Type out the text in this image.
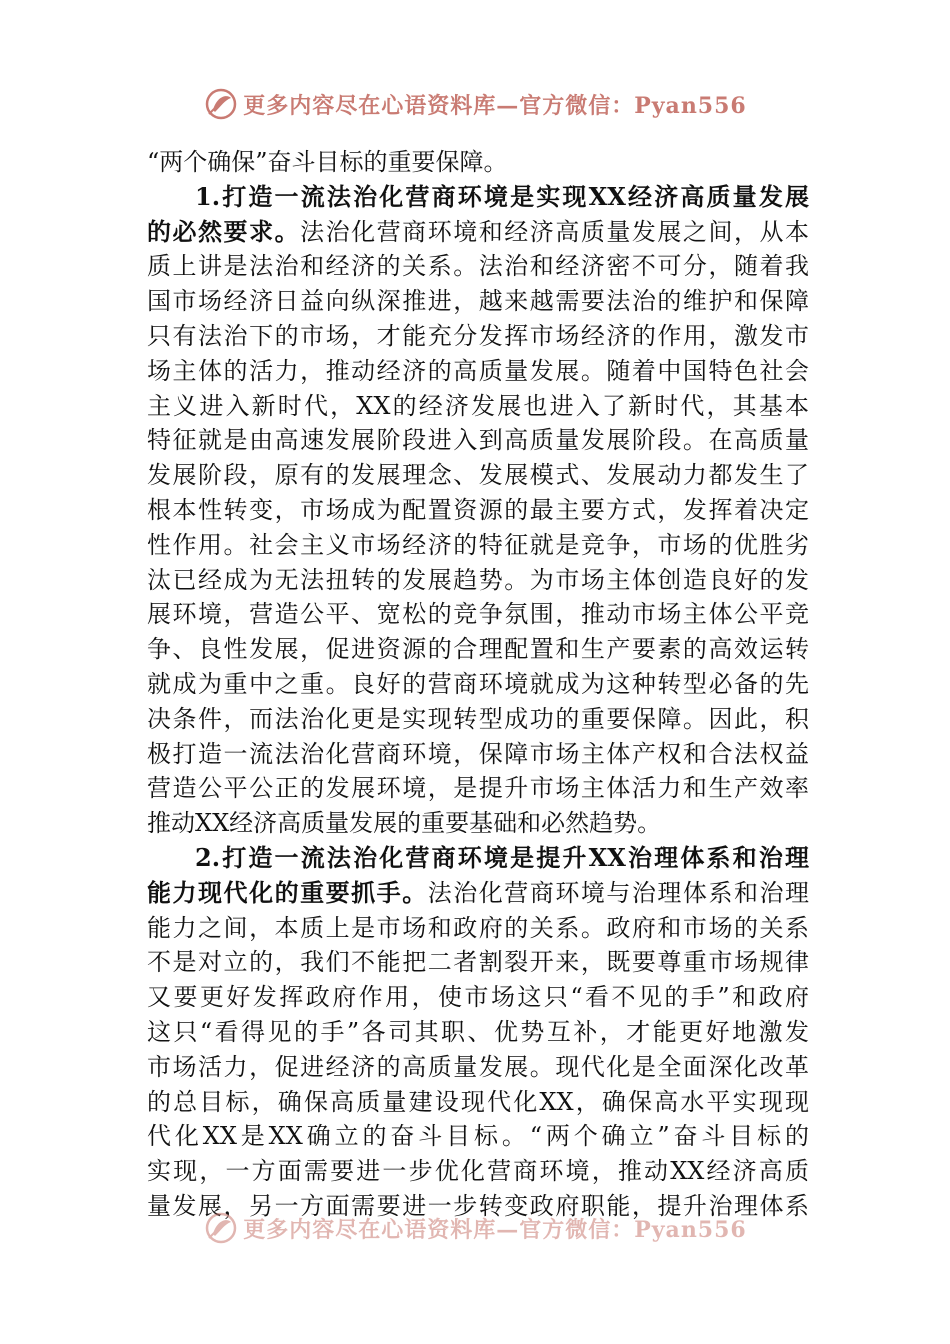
更多内容尽在心语资料库—官方微信：Pyan556
“两个确保”奋斗目标的重要保障。
1.打造一流法治化营商环境是实现XX经济高质量发展
的必然要求。法治化营商环境和经济高质量发展之间，从本
质上讲是法治和经济的关系。法治和经济密不可分，随着我
国市场经济日益向纵深推进，越来越需要法治的维护和保障
只有法治下的市场，才能充分发挥市场经济的作用，激发市
场主体的活力，推动经济的高质量发展。随着中国特色社会
主义进入新时代，XX的经济发展也进入了新时代，其基本
特征就是由高速发展阶段进入到高质量发展阶段。在高质量
发展阶段，原有的发展理念、发展模式、发展动力都发生了
根本性转变，市场成为配置资源的最主要方式，发挥着决定
性作用。社会主义市场经济的特征就是竞争，市场的优胜劣
汰已经成为无法扭转的发展趋势。为市场主体创造良好的发
展环境，营造公平、宽松的竞争氛围，推动市场主体公平竞
争、良性发展，促进资源的合理配置和生产要素的高效运转
就成为重中之重。良好的营商环境就成为这种转型必备的先
决条件，而法治化更是实现转型成功的重要保障。因此，积
极打造一流法治化营商环境，保障市场主体产权和合法权益
营造公平公正的发展环境，是提升市场主体活力和生产效率
推动XX经济高质量发展的重要基础和必然趋势。
2.打造一流法治化营商环境是提升XX治理体系和治理
能力现代化的重要抓手。法治化营商环境与治理体系和治理
能力之间，本质上是市场和政府的关系。政府和市场的关系
不是对立的，我们不能把二者割裂开来，既要尊重市场规律
又要更好发挥政府作用，使市场这只“看不见的手”和政府
这只“看得见的手”各司其职、优势互补，才能更好地激发
市场活力，促进经济的高质量发展。现代化是全面深化改革
的总目标，确保高质量建设现代化XX，确保高水平实现现
代化XX是XX确立的奋斗目标。“两个确立”奋斗目标的
实现，一方面需要进一步优化营商环境，推动XX经济高质
量发展，另一方面需要进一步转变政府职能，提升治理体系
更多内容尽在心语资料库—官方微信：Pyan556
